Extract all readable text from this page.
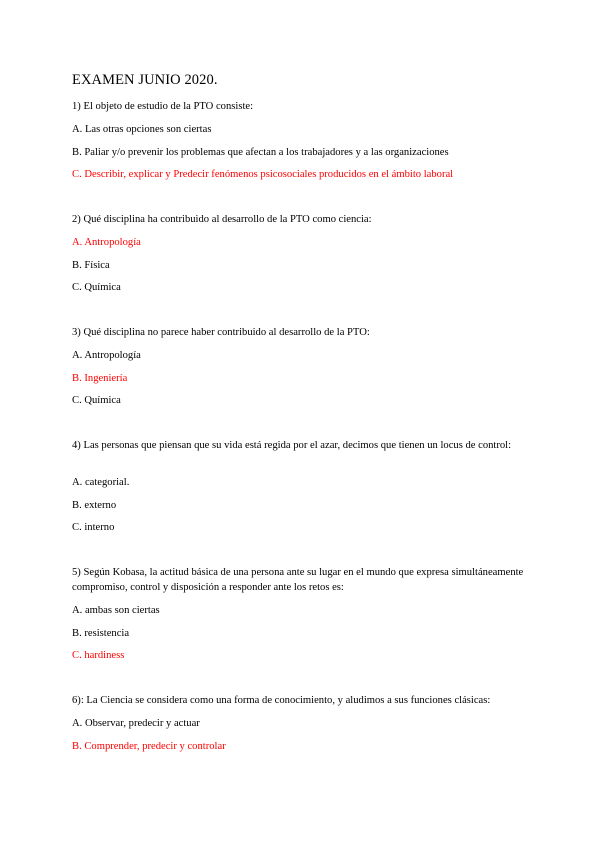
EXAMEN JUNIO 2020.
1) El objeto de estudio de la PTO consiste:
A. Las otras opciones son ciertas
B. Paliar y/o prevenir los problemas que afectan a los trabajadores y a las organizaciones
C. Describir, explicar y Predecir fenómenos psicosociales producidos en el ámbito laboral
2) Qué disciplina ha contribuido al desarrollo de la PTO como ciencia:
A. Antropología
B. Física
C. Química
3) Qué disciplina no parece haber contribuido al desarrollo de la PTO:
A. Antropología
B. Ingeniería
C. Química
4) Las personas que piensan que su vida está regida por el azar, decimos que tienen un locus de control:
A. categorial.
B. externo
C. interno
5) Según Kobasa, la actitud básica de una persona ante su lugar en el mundo que expresa simultáneamente compromiso, control y disposición a responder ante los retos es:
A. ambas son ciertas
B. resistencia
C. hardiness
6): La Ciencia se considera como una forma de conocimiento, y aludimos a sus funciones clásicas:
A. Observar, predecir y actuar
B. Comprender, predecir y controlar
